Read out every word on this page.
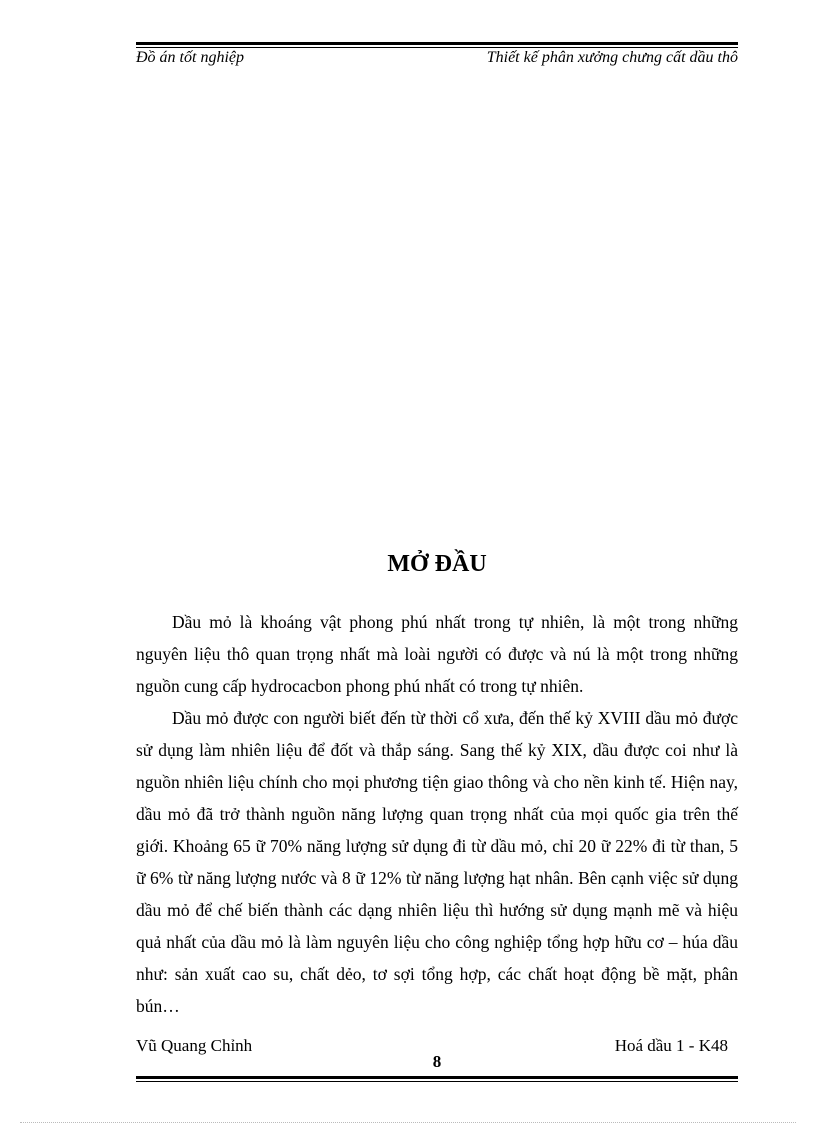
Đồ án tốt nghiệp	Thiết kế phân xưởng chưng cất dầu thô
MỞ ĐẦU

Dầu mỏ là khoáng vật phong phú nhất trong tự nhiên, là một trong những nguyên liệu thô quan trọng nhất mà loài người có được và nú là một trong những nguồn cung cấp hydrocacbon phong phú nhất có trong tự nhiên.

Dầu mỏ được con người biết đến từ thời cổ xưa, đến thế kỷ XVIII dầu mỏ được sử dụng làm nhiên liệu để đốt và thắp sáng. Sang thế kỷ XIX, dầu được coi như là nguồn nhiên liệu chính cho mọi phương tiện giao thông và cho nền kinh tế. Hiện nay, dầu mỏ đã trở thành nguồn năng lượng quan trọng nhất của mọi quốc gia trên thế giới. Khoảng 65 ữ 70% năng lượng sử dụng đi từ dầu mỏ, chỉ 20 ữ 22% đi từ than, 5 ữ 6% từ năng lượng nước và 8 ữ 12% từ năng lượng hạt nhân. Bên cạnh việc sử dụng dầu mỏ để chế biến thành các dạng nhiên liệu thì hướng sử dụng mạnh mẽ và hiệu quả nhất của dầu mỏ là làm nguyên liệu cho công nghiệp tổng hợp hữu cơ – húa dầu như: sản xuất cao su, chất dẻo, tơ sợi tổng hợp, các chất hoạt động bề mặt, phân bún…

Vũ Quang Chỉnh	Hoá dầu 1 - K48
8
